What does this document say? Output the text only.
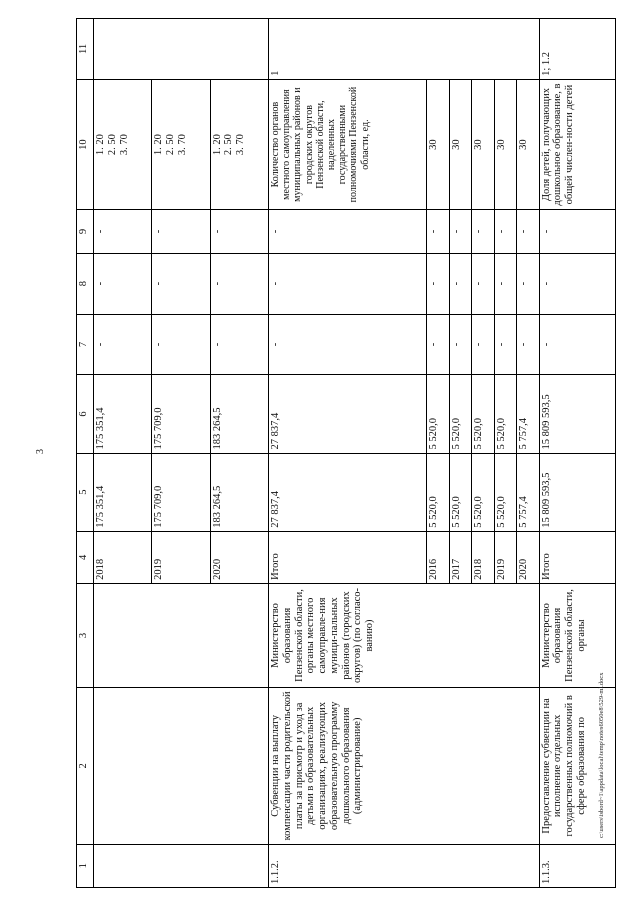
3
1	2	3	4	5	6	7	8	9	10	11
			2018	175 351,4	175 351,4	-	-	-	1. 20
2. 50
3. 70	
			2019	175 709,0	175 709,0	-	-	-	1. 20
2. 50
3. 70	
			2020	183 264,5	183 264,5	-	-	-	1. 20
2. 50
3. 70	
1.1.2.	Субвенции на выплату компенсации части родительской платы за присмотр и уход за детьми в образовательных организациях, реализующих образовательную программу дошкольного образования (администрирование)	Министерство образования Пензенской области, органы местного самоуправле-ния муници-пальных районов (городских округов) (по согласо-ванию)	Итого	27 837,4	27 837,4	-	-	-	Количество органов местного самоуправления муниципальных районов и городских округов Пензенской области, наделенных государственными полномочиями Пензенской области, ед.	1
			2016	5 520,0	5 520,0	-	-	-	30	
			2017	5 520,0	5 520,0	-	-	-	30	
			2018	5 520,0	5 520,0	-	-	-	30	
			2019	5 520,0	5 520,0	-	-	-	30	
			2020	5 757,4	5 757,4	-	-	-	30	
1.1.3.	Предоставление субвенции на исполнение отдельных государственных полномочий в сфере образования по	Министерство образования Пензенской области, органы	Итого	15 809 593,5	15 809 593,5	-	-	-	Доля детей, получающих дошкольное образование, в общей числен-ности детей	1; 1.2
c:\users\isbord~1\appdata\local\temp\notes6050e8\529-ml.docx
